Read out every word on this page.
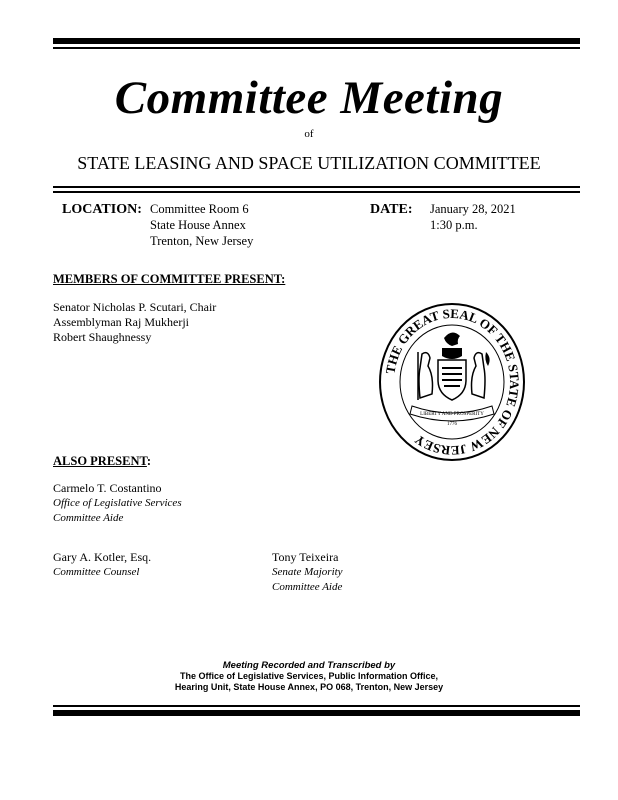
Committee Meeting
of
STATE LEASING AND SPACE UTILIZATION COMMITTEE
LOCATION: Committee Room 6
State House Annex
Trenton, New Jersey
DATE: January 28, 2021
1:30 p.m.
MEMBERS OF COMMITTEE PRESENT:
Senator Nicholas P. Scutari, Chair
Assemblyman Raj Mukherji
Robert Shaughnessy
THE GREAT SEAL OF THE STATE OF NEW JERSEY
LIBERTY AND PROSPERITY
1776
ALSO PRESENT:
Carmelo T. Costantino
Office of Legislative Services
Committee Aide
Gary A. Kotler, Esq.
Committee Counsel
Tony Teixeira
Senate Majority
Committee Aide
Meeting Recorded and Transcribed by
The Office of Legislative Services, Public Information Office,
Hearing Unit, State House Annex, PO 068, Trenton, New Jersey
